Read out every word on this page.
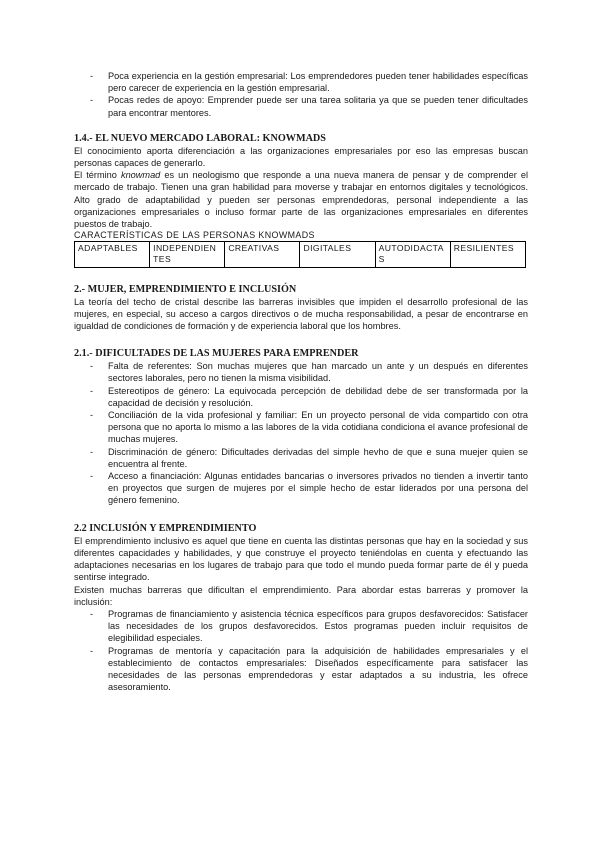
- Poca experiencia en la gestión empresarial: Los emprendedores pueden tener habilidades específicas pero carecer de experiencia en la gestión empresarial.
- Pocas redes de apoyo: Emprender puede ser una tarea solitaria ya que se pueden tener dificultades para encontrar mentores.

1.4.- EL NUEVO MERCADO LABORAL: KNOWMADS

El conocimiento aporta diferenciación a las organizaciones empresariales por eso las empresas buscan personas capaces de generarlo.

El término knowmad es un neologismo que responde a una nueva manera de pensar y de comprender el mercado de trabajo. Tienen una gran habilidad para moverse y trabajar en entornos digitales y tecnológicos. Alto grado de adaptabilidad y pueden ser personas emprendedoras, personal independiente a las organizaciones empresariales o incluso formar parte de las organizaciones empresariales en diferentes puestos de trabajo.

CARACTERÍSTICAS DE LAS PERSONAS KNOWMADS

ADAPTABLES	INDEPENDIENTES	CREATIVAS	DIGITALES	AUTODIDACTAS	RESILIENTES

2.- MUJER, EMPRENDIMIENTO E INCLUSIÓN

La teoría del techo de cristal describe las barreras invisibles que impiden el desarrollo profesional de las mujeres, en especial, su acceso a cargos directivos o de mucha responsabilidad, a pesar de encontrarse en igualdad de condiciones de formación y de experiencia laboral que los hombres.

2.1.- DIFICULTADES DE LAS MUJERES PARA EMPRENDER

- Falta de referentes: Son muchas mujeres que han marcado un ante y un después en diferentes sectores laborales, pero no tienen la misma visibilidad.
- Estereotipos de género: La equivocada percepción de debilidad debe de ser transformada por la capacidad de decisión y resolución.
- Conciliación de la vida profesional y familiar: En un proyecto personal de vida compartido con otra persona que no aporta lo mismo a las labores de la vida cotidiana condiciona el avance profesional de muchas mujeres.
- Discriminación de género: Dificultades derivadas del simple hevho de que e suna muejer quien se encuentra al frente.
- Acceso a financiación: Algunas entidades bancarias o inversores privados no tienden a invertir tanto en proyectos que surgen de mujeres por el simple hecho de estar liderados por una persona del género femenino.

2.2 INCLUSIÓN Y EMPRENDIMIENTO

El emprendimiento inclusivo es aquel que tiene en cuenta las distintas personas que hay en la sociedad y sus diferentes capacidades y habilidades, y que construye el proyecto teniéndolas en cuenta y efectuando las adaptaciones necesarias en los lugares de trabajo para que todo el mundo pueda formar parte de él y pueda sentirse integrado.

Existen muchas barreras que dificultan el emprendimiento. Para abordar estas barreras y promover la inclusión:

- Programas de financiamiento y asistencia técnica específicos para grupos desfavorecidos: Satisfacer las necesidades de los grupos desfavorecidos. Estos programas pueden incluir requisitos de elegibilidad especiales.
- Programas de mentoría y capacitación para la adquisición de habilidades empresariales y el establecimiento de contactos empresariales: Diseñados específicamente para satisfacer las necesidades de las personas emprendedoras y estar adaptados a su industria, les ofrece asesoramiento.
